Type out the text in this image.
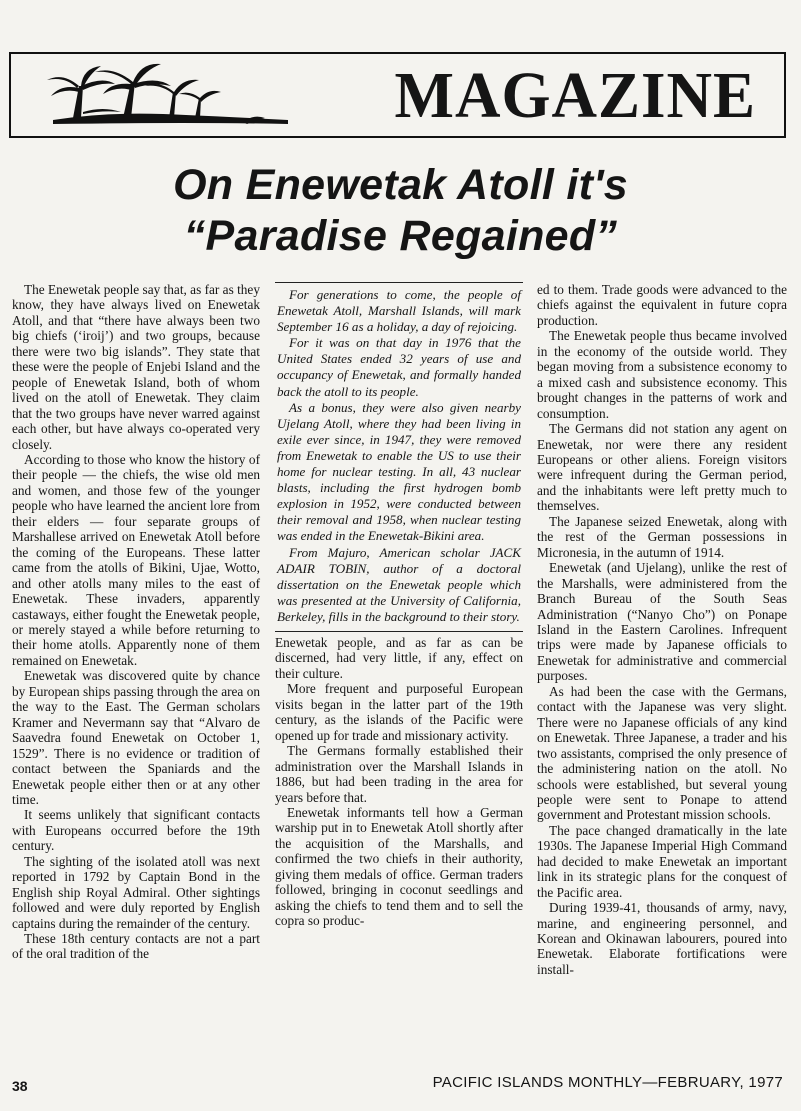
MAGAZINE
On Enewetak Atoll it's
“Paradise Regained”

The Enewetak people say that, as far as they know, they have always lived on Enewetak Atoll, and that “there have always been two big chiefs (‘iroij’) and two groups, because there were two big islands”. They state that these were the people of Enjebi Island and the people of Enewetak Island, both of whom lived on the atoll of Enewetak. They claim that the two groups have never warred against each other, but have always co-operated very closely.

According to those who know the history of their people — the chiefs, the wise old men and women, and those few of the younger people who have learned the ancient lore from their elders — four separate groups of Marshallese arrived on Enewetak Atoll before the coming of the Europeans. These latter came from the atolls of Bikini, Ujae, Wotto, and other atolls many miles to the east of Enewetak. These invaders, apparently castaways, either fought the Enewetak people, or merely stayed a while before returning to their home atolls. Apparently none of them remained on Enewetak.

Enewetak was discovered quite by chance by European ships passing through the area on the way to the East. The German scholars Kramer and Nevermann say that “Alvaro de Saavedra found Enewetak on October 1, 1529”. There is no evidence or tradition of contact between the Spaniards and the Enewetak people either then or at any other time.

It seems unlikely that significant contacts with Europeans occurred before the 19th century.

The sighting of the isolated atoll was next reported in 1792 by Captain Bond in the English ship Royal Admiral. Other sightings followed and were duly reported by English captains during the remainder of the century.

These 18th century contacts are not a part of the oral tradition of the

For generations to come, the people of Enewetak Atoll, Marshall Islands, will mark September 16 as a holiday, a day of rejoicing.

For it was on that day in 1976 that the United States ended 32 years of use and occupancy of Enewetak, and formally handed back the atoll to its people.

As a bonus, they were also given nearby Ujelang Atoll, where they had been living in exile ever since, in 1947, they were removed from Enewetak to enable the US to use their home for nuclear testing. In all, 43 nuclear blasts, including the first hydrogen bomb explosion in 1952, were conducted between their removal and 1958, when nuclear testing was ended in the Enewetak-Bikini area.

From Majuro, American scholar JACK ADAIR TOBIN, author of a doctoral dissertation on the Enewetak people which was presented at the University of California, Berkeley, fills in the background to their story.

Enewetak people, and as far as can be discerned, had very little, if any, effect on their culture.

More frequent and purposeful European visits began in the latter part of the 19th century, as the islands of the Pacific were opened up for trade and missionary activity.

The Germans formally established their administration over the Marshall Islands in 1886, but had been trading in the area for years before that.

Enewetak informants tell how a German warship put in to Enewetak Atoll shortly after the acquisition of the Marshalls, and confirmed the two chiefs in their authority, giving them medals of office. German traders followed, bringing in coconut seedlings and asking the chiefs to tend them and to sell the copra so produc-

ed to them. Trade goods were advanced to the chiefs against the equivalent in future copra production.

The Enewetak people thus became involved in the economy of the outside world. They began moving from a subsistence economy to a mixed cash and subsistence economy. This brought changes in the patterns of work and consumption.

The Germans did not station any agent on Enewetak, nor were there any resident Europeans or other aliens. Foreign visitors were infrequent during the German period, and the inhabitants were left pretty much to themselves.

The Japanese seized Enewetak, along with the rest of the German possessions in Micronesia, in the autumn of 1914.

Enewetak (and Ujelang), unlike the rest of the Marshalls, were administered from the Branch Bureau of the South Seas Administration (“Nanyo Cho”) on Ponape Island in the Eastern Carolines. Infrequent trips were made by Japanese officials to Enewetak for administrative and commercial purposes.

As had been the case with the Germans, contact with the Japanese was very slight. There were no Japanese officials of any kind on Enewetak. Three Japanese, a trader and his two assistants, comprised the only presence of the administering nation on the atoll. No schools were established, but several young people were sent to Ponape to attend government and Protestant mission schools.

The pace changed dramatically in the late 1930s. The Japanese Imperial High Command had decided to make Enewetak an important link in its strategic plans for the conquest of the Pacific area.

During 1939-41, thousands of army, navy, marine, and engineering personnel, and Korean and Okinawan labourers, poured into Enewetak. Elaborate fortifications were install-

38	PACIFIC ISLANDS MONTHLY—FEBRUARY, 1977
